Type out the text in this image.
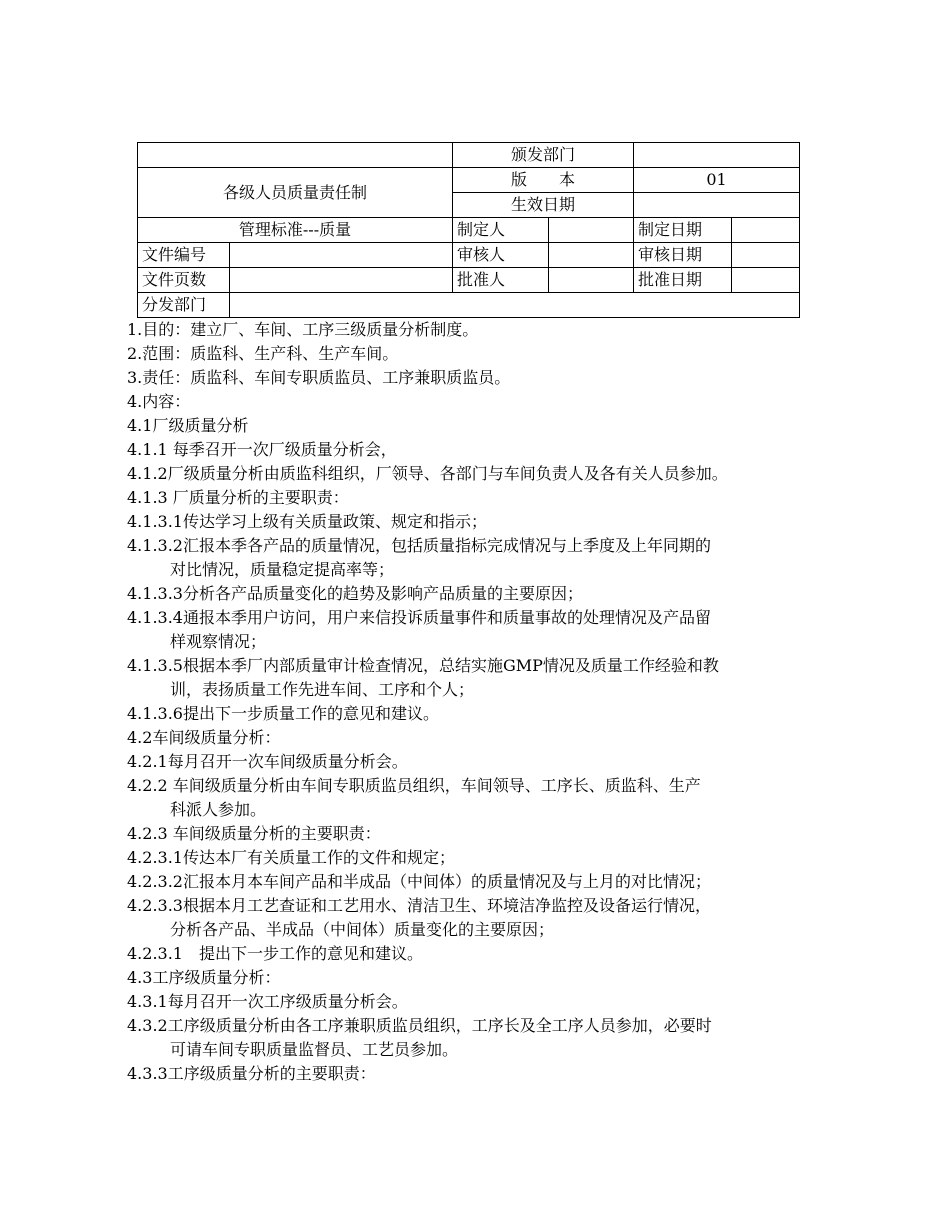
		颁发部门			
各级人员质量责任制		版　　本		01	
		生效日期			
管理标准---质量		制定人		制定日期	
文件编号		审核人		审核日期	
文件页数		批准人		批准日期	
分发部门					
1.目的：建立厂、车间、工序三级质量分析制度。
2.范围：质监科、生产科、生产车间。
3.责任：质监科、车间专职质监员、工序兼职质监员。
4.内容：
4.1厂级质量分析
4.1.1 每季召开一次厂级质量分析会，
4.1.2厂级质量分析由质监科组织，厂领导、各部门与车间负责人及各有关人员参加。
4.1.3 厂质量分析的主要职责：
4.1.3.1传达学习上级有关质量政策、规定和指示；
4.1.3.2汇报本季各产品的质量情况，包括质量指标完成情况与上季度及上年同期的
对比情况，质量稳定提高率等；
4.1.3.3分析各产品质量变化的趋势及影响产品质量的主要原因；
4.1.3.4通报本季用户访问，用户来信投诉质量事件和质量事故的处理情况及产品留
样观察情况；
4.1.3.5根据本季厂内部质量审计检查情况，总结实施GMP情况及质量工作经验和教
训，表扬质量工作先进车间、工序和个人；
4.1.3.6提出下一步质量工作的意见和建议。
4.2车间级质量分析：
4.2.1每月召开一次车间级质量分析会。
4.2.2 车间级质量分析由车间专职质监员组织，车间领导、工序长、质监科、生产
科派人参加。
4.2.3 车间级质量分析的主要职责：
4.2.3.1传达本厂有关质量工作的文件和规定；
4.2.3.2汇报本月本车间产品和半成品（中间体）的质量情况及与上月的对比情况；
4.2.3.3根据本月工艺查证和工艺用水、清洁卫生、环境洁净监控及设备运行情况，
分析各产品、半成品（中间体）质量变化的主要原因；
4.2.3.1　提出下一步工作的意见和建议。
4.3工序级质量分析：
4.3.1每月召开一次工序级质量分析会。
4.3.2工序级质量分析由各工序兼职质监员组织，工序长及全工序人员参加，必要时
可请车间专职质量监督员、工艺员参加。
4.3.3工序级质量分析的主要职责：
